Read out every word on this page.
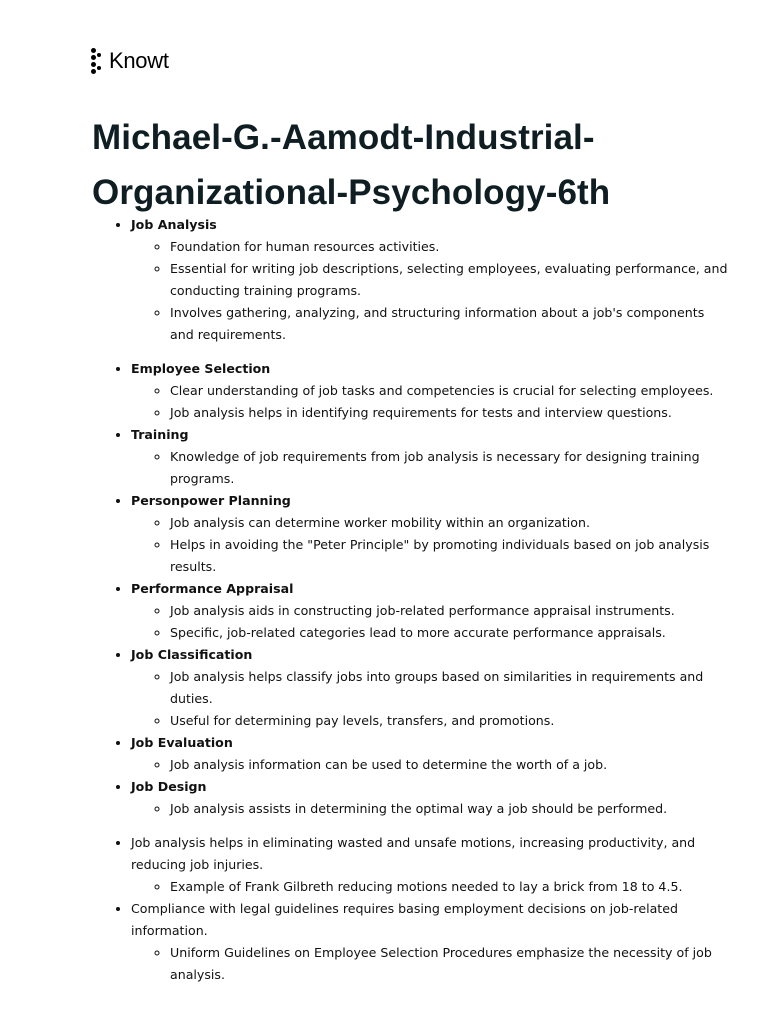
Knowt
Michael-G.-Aamodt-Industrial-Organizational-Psychology-6th
• Job Analysis
◦ Foundation for human resources activities.
◦ Essential for writing job descriptions, selecting employees, evaluating performance, and conducting training programs.
◦ Involves gathering, analyzing, and structuring information about a job's components and requirements.
• Employee Selection
◦ Clear understanding of job tasks and competencies is crucial for selecting employees.
◦ Job analysis helps in identifying requirements for tests and interview questions.
• Training
◦ Knowledge of job requirements from job analysis is necessary for designing training programs.
• Personpower Planning
◦ Job analysis can determine worker mobility within an organization.
◦ Helps in avoiding the "Peter Principle" by promoting individuals based on job analysis results.
• Performance Appraisal
◦ Job analysis aids in constructing job-related performance appraisal instruments.
◦ Specific, job-related categories lead to more accurate performance appraisals.
• Job Classification
◦ Job analysis helps classify jobs into groups based on similarities in requirements and duties.
◦ Useful for determining pay levels, transfers, and promotions.
• Job Evaluation
◦ Job analysis information can be used to determine the worth of a job.
• Job Design
◦ Job analysis assists in determining the optimal way a job should be performed.
• Job analysis helps in eliminating wasted and unsafe motions, increasing productivity, and reducing job injuries.
◦ Example of Frank Gilbreth reducing motions needed to lay a brick from 18 to 4.5.
• Compliance with legal guidelines requires basing employment decisions on job-related information.
◦ Uniform Guidelines on Employee Selection Procedures emphasize the necessity of job analysis.
